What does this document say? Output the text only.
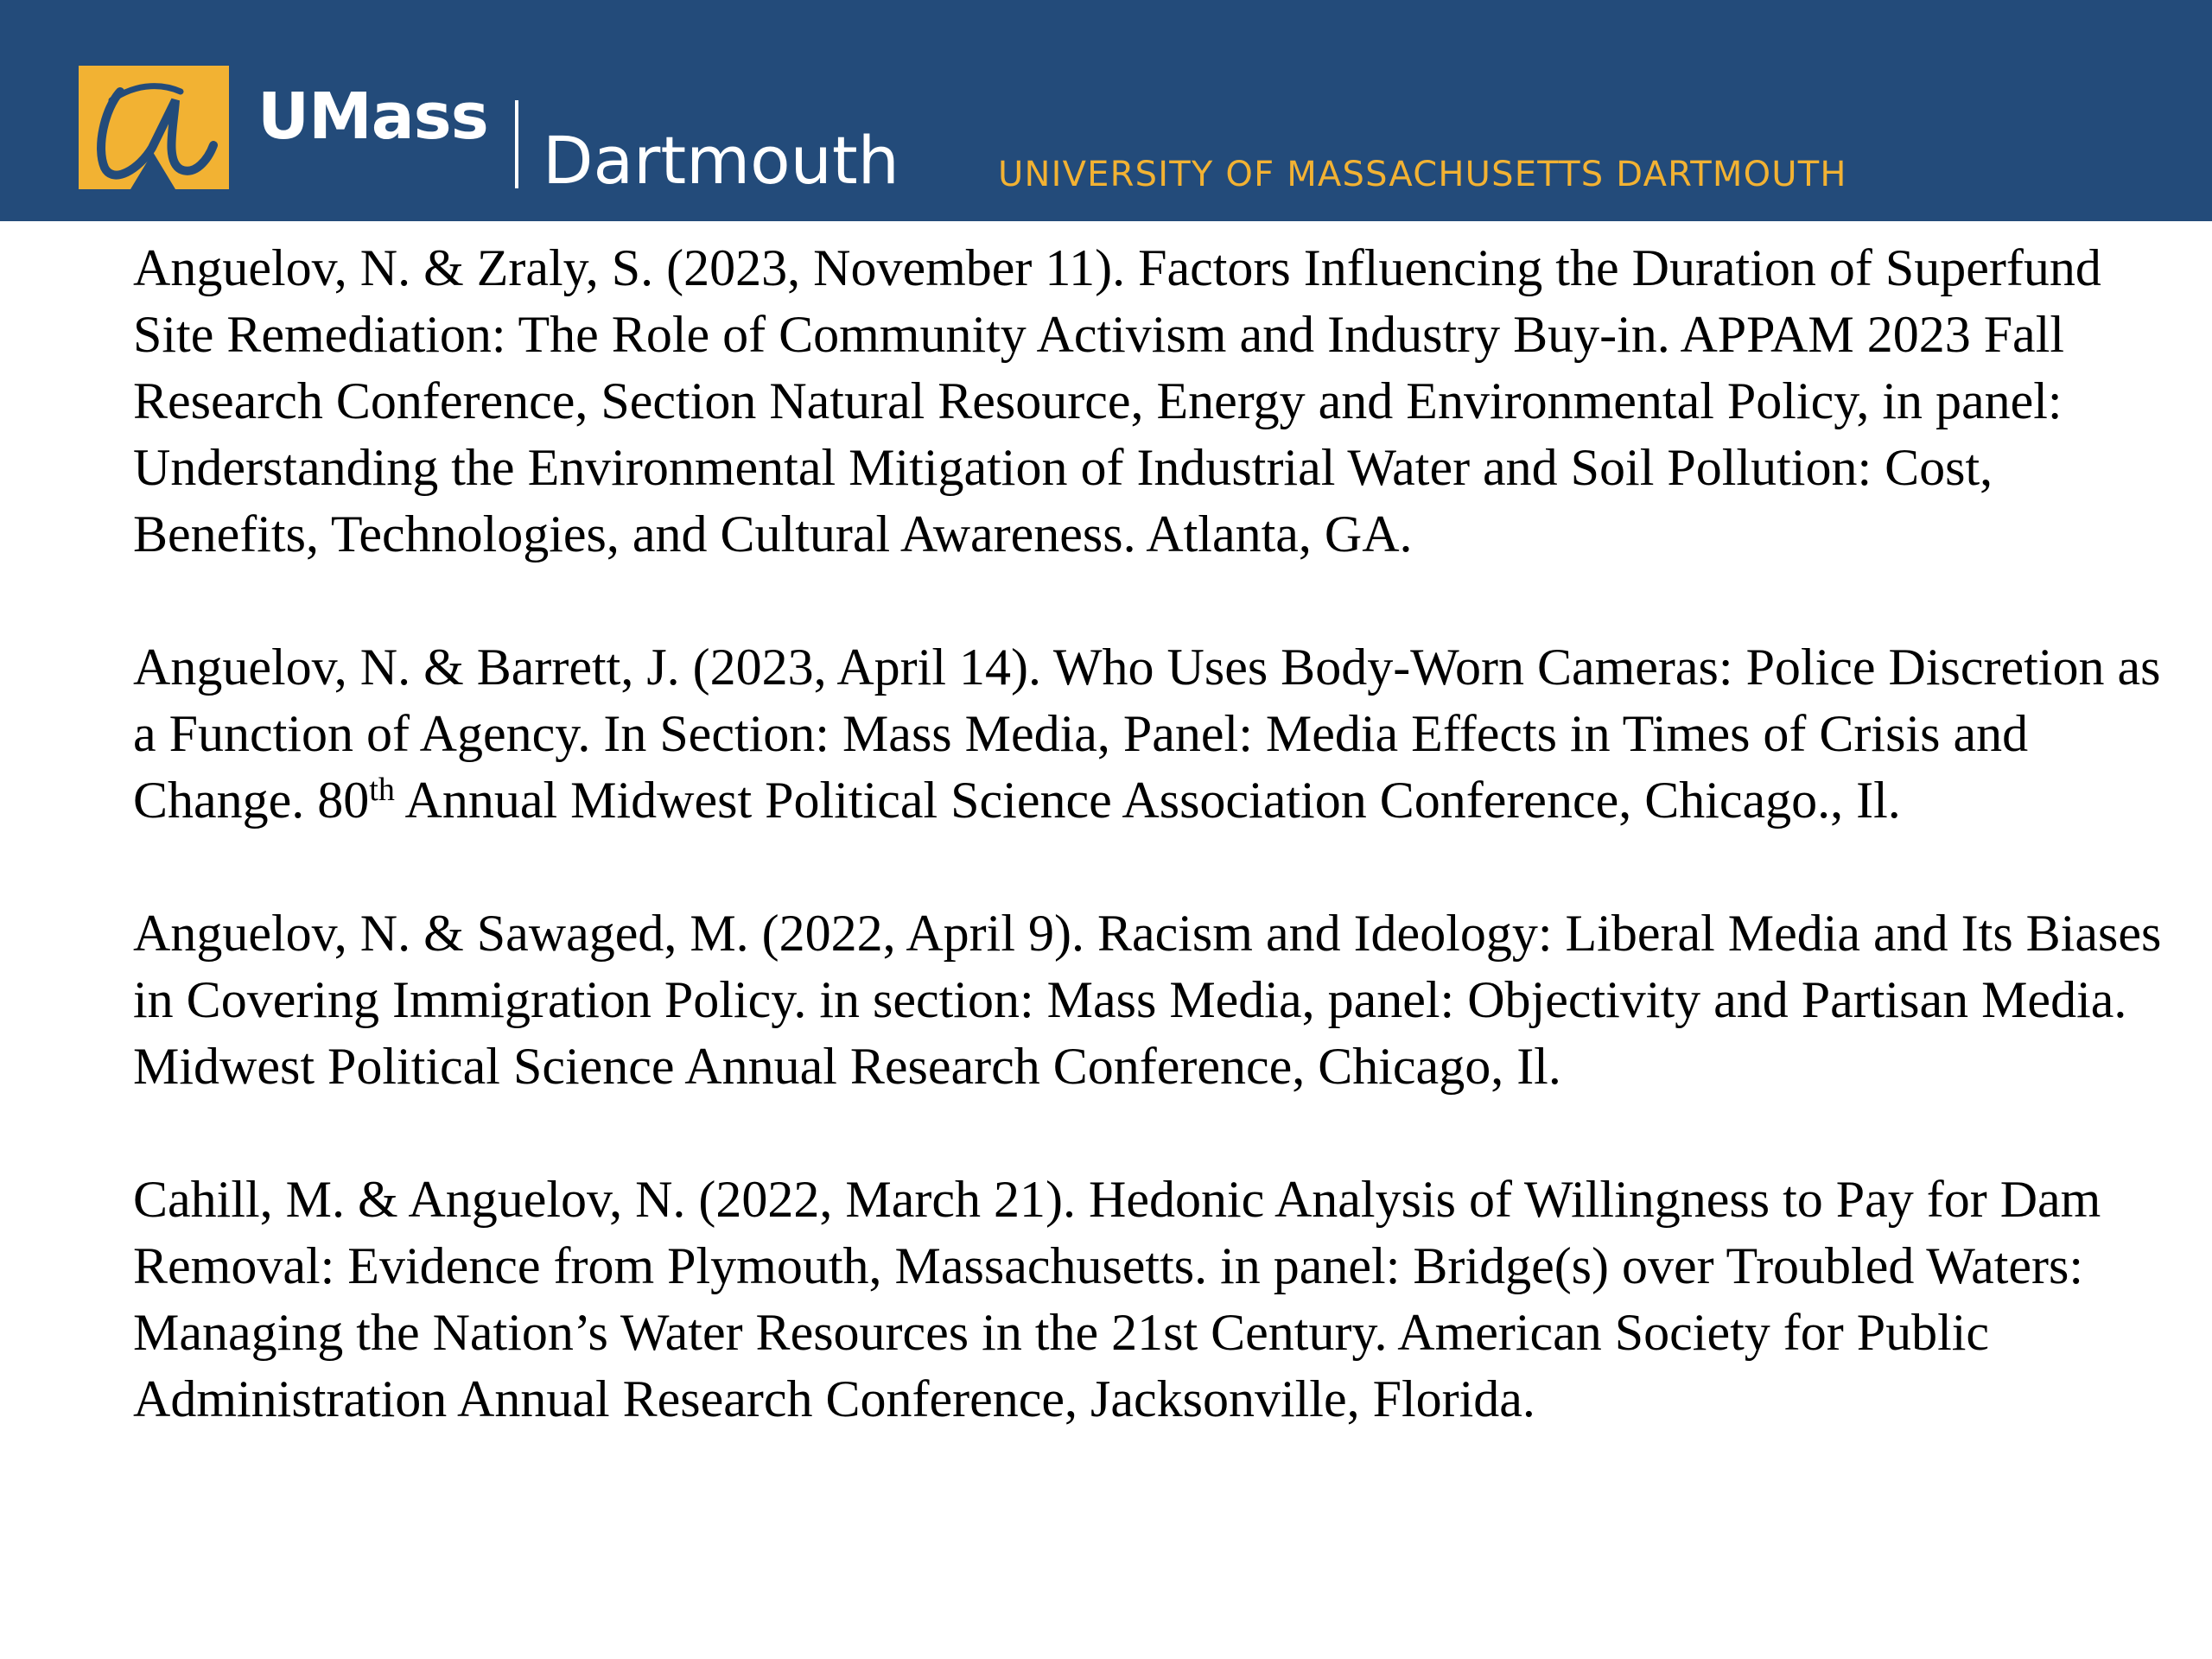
UMass
Dartmouth	UNIVERSITY OF MASSACHUSETTS DARTMOUTH

Anguelov, N. & Zraly, S. (2023, November 11). Factors Influencing the Duration of Superfund Site Remediation: The Role of Community Activism and Industry Buy-in. APPAM 2023 Fall Research Conference, Section Natural Resource, Energy and Environmental Policy, in panel: Understanding the Environmental Mitigation of Industrial Water and Soil Pollution: Cost, Benefits, Technologies, and Cultural Awareness. Atlanta, GA.

Anguelov, N. & Barrett, J. (2023, April 14). Who Uses Body-Worn Cameras: Police Discretion as a Function of Agency. In Section: Mass Media, Panel: Media Effects in Times of Crisis and Change. 80th Annual Midwest Political Science Association Conference, Chicago., Il.

Anguelov, N. & Sawaged, M. (2022, April 9). Racism and Ideology: Liberal Media and Its Biases in Covering Immigration Policy. in section: Mass Media, panel: Objectivity and Partisan Media. Midwest Political Science Annual Research Conference, Chicago, Il.

Cahill, M. & Anguelov, N. (2022, March 21). Hedonic Analysis of Willingness to Pay for Dam Removal: Evidence from Plymouth, Massachusetts. in panel: Bridge(s) over Troubled Waters: Managing the Nation’s Water Resources in the 21st Century. American Society for Public Administration Annual Research Conference, Jacksonville, Florida.
